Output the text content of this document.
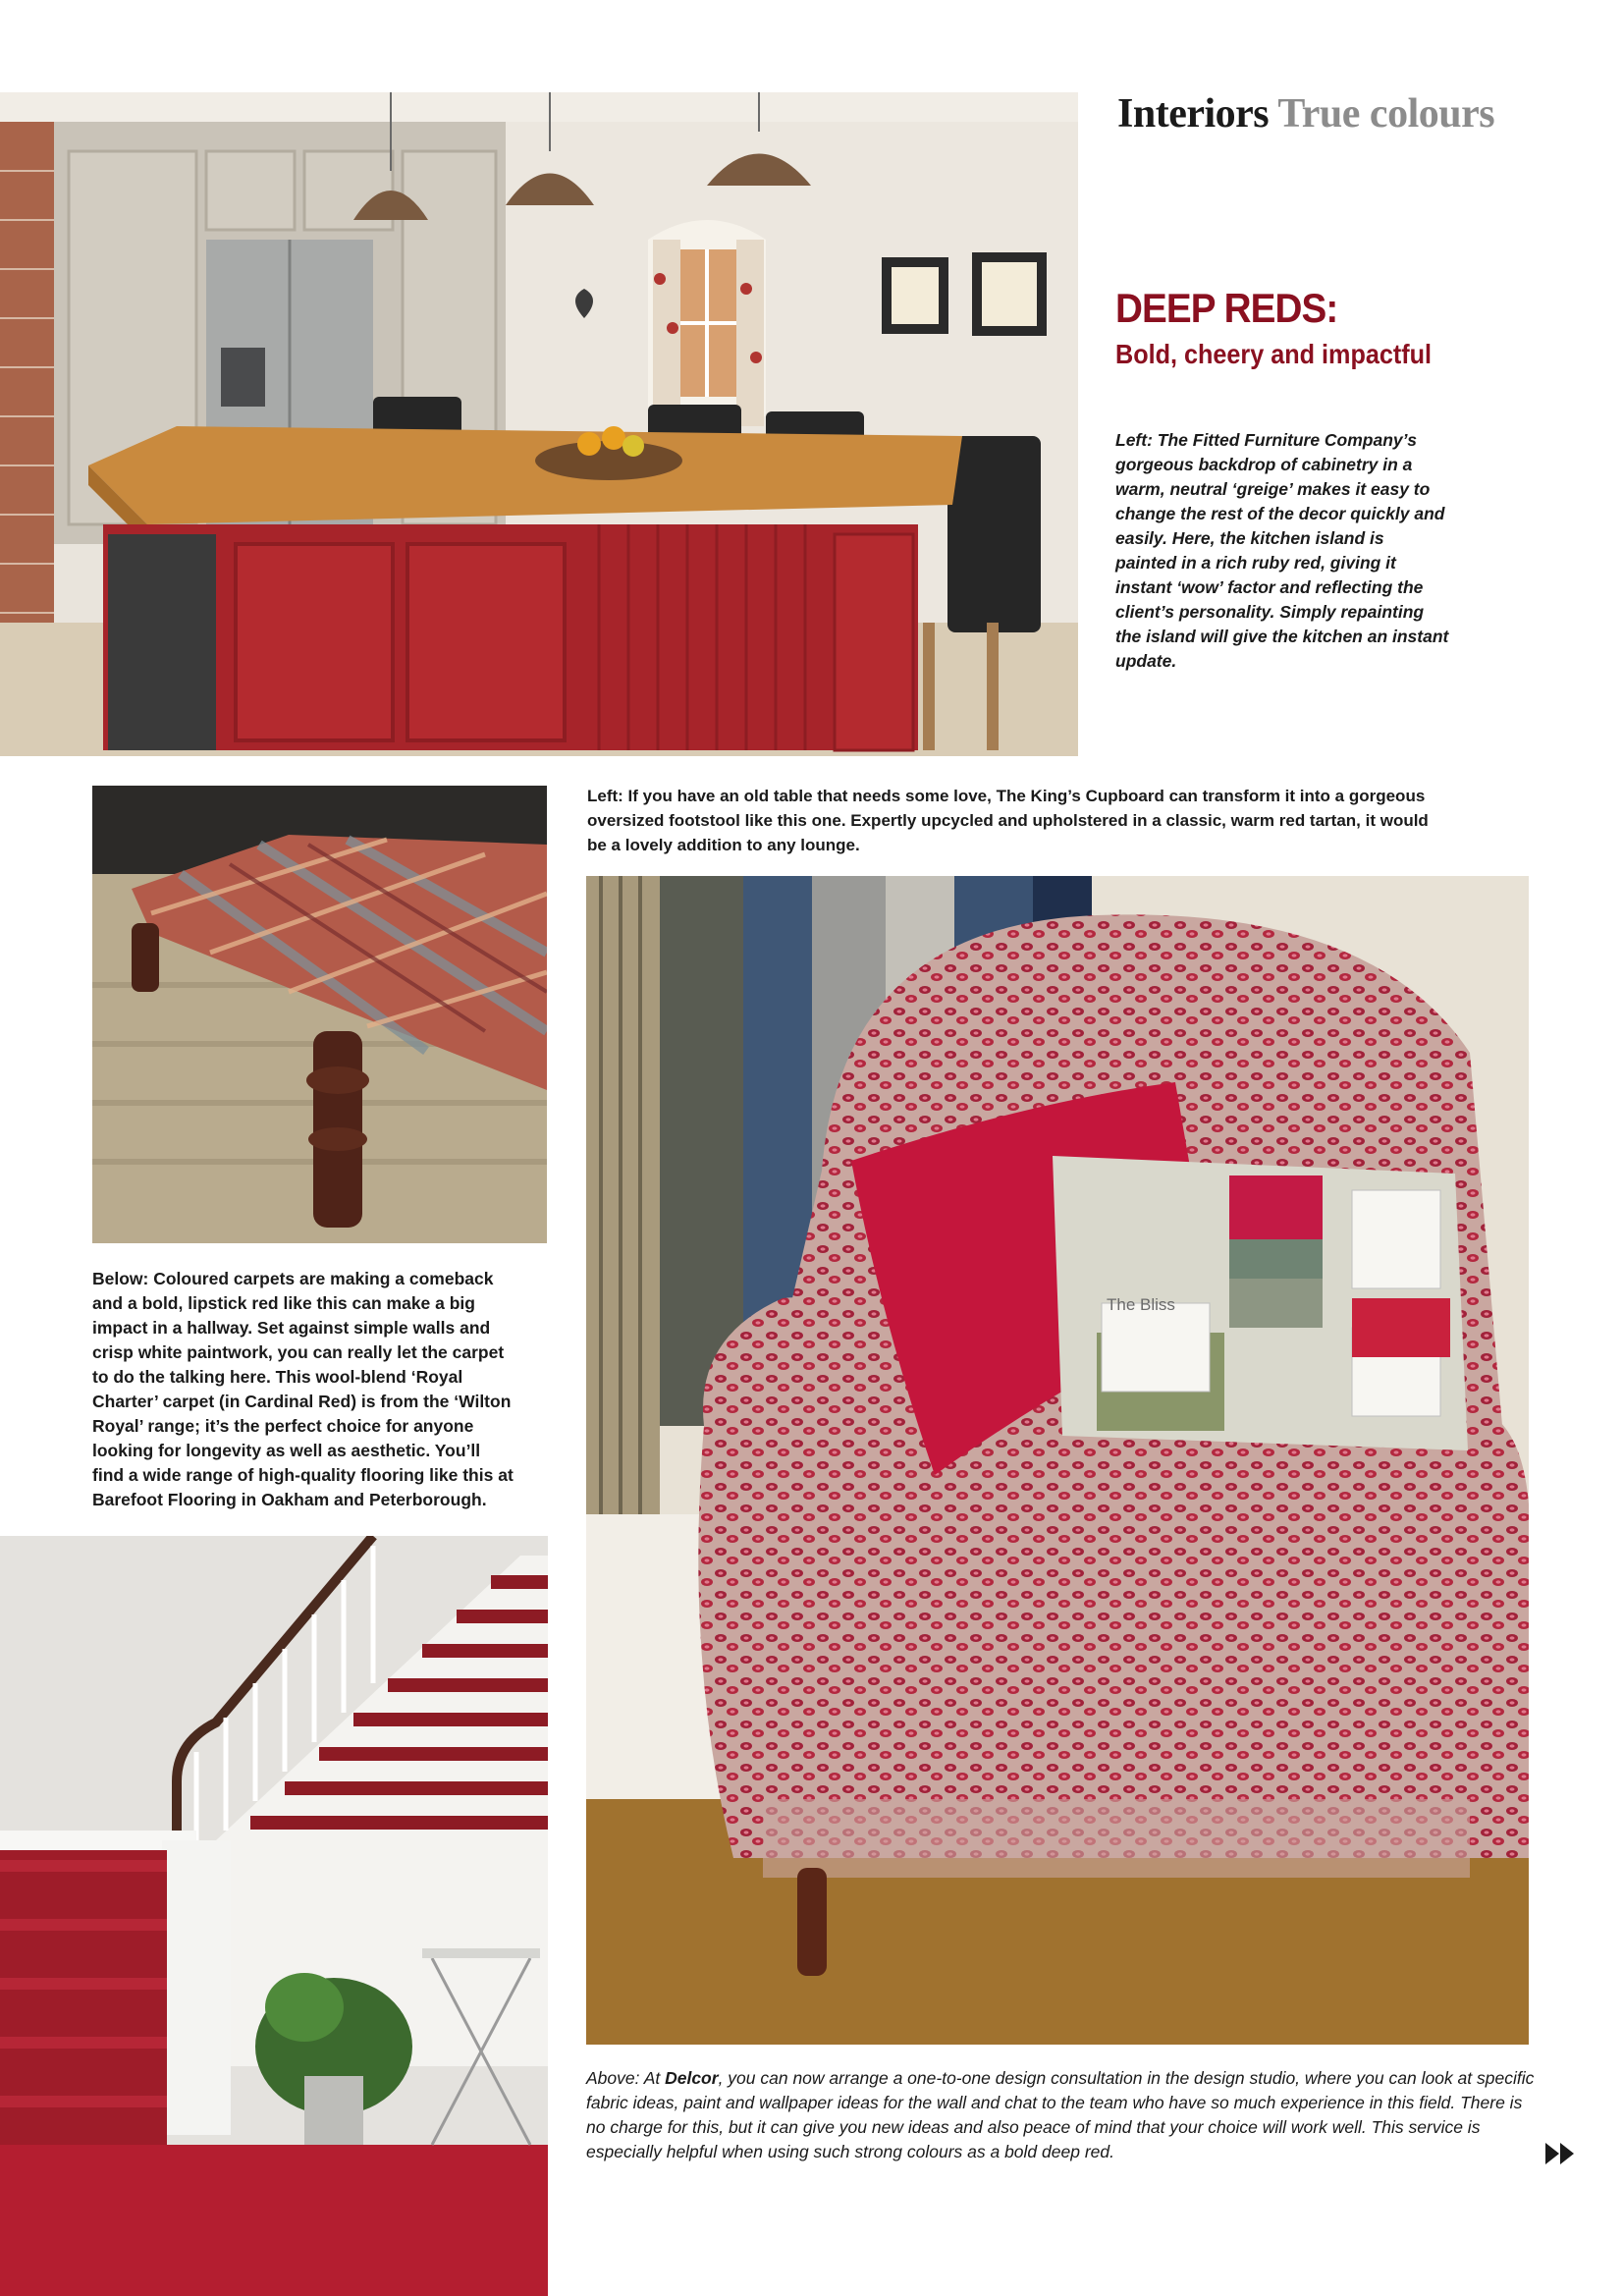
Interiors True colours
DEEP REDS:
Bold, cheery and impactful
Left: The Fitted Furniture Company’s gorgeous backdrop of cabinetry in a warm, neutral ‘greige’ makes it easy to change the rest of the decor quickly and easily. Here, the kitchen island is painted in a rich ruby red, giving it instant ‘wow’ factor and reflecting the client’s personality. Simply repainting the island will give the kitchen an instant update.
Left: If you have an old table that needs some love, The King’s Cupboard can transform it into a gorgeous oversized footstool like this one. Expertly upcycled and upholstered in a classic, warm red tartan, it would be a lovely addition to any lounge.
Below: Coloured carpets are making a comeback and a bold, lipstick red like this can make a big impact in a hallway. Set against simple walls and crisp white paintwork, you can really let the carpet to do the talking here. This wool-blend ‘Royal Charter’ carpet (in Cardinal Red) is from the ‘Wilton Royal’ range; it’s the perfect choice for anyone looking for longevity as well as aesthetic. You’ll find a wide range of high-quality flooring like this at Barefoot Flooring in Oakham and Peterborough.
The Bliss
Above: At Delcor, you can now arrange a one-to-one design consultation in the design studio, where you can look at specific fabric ideas, paint and wallpaper ideas for the wall and chat to the team who have so much experience in this field. There is no charge for this, but it can give you new ideas and also peace of mind that your choice will work well. This service is especially helpful when using such strong colours as a bold deep red.
